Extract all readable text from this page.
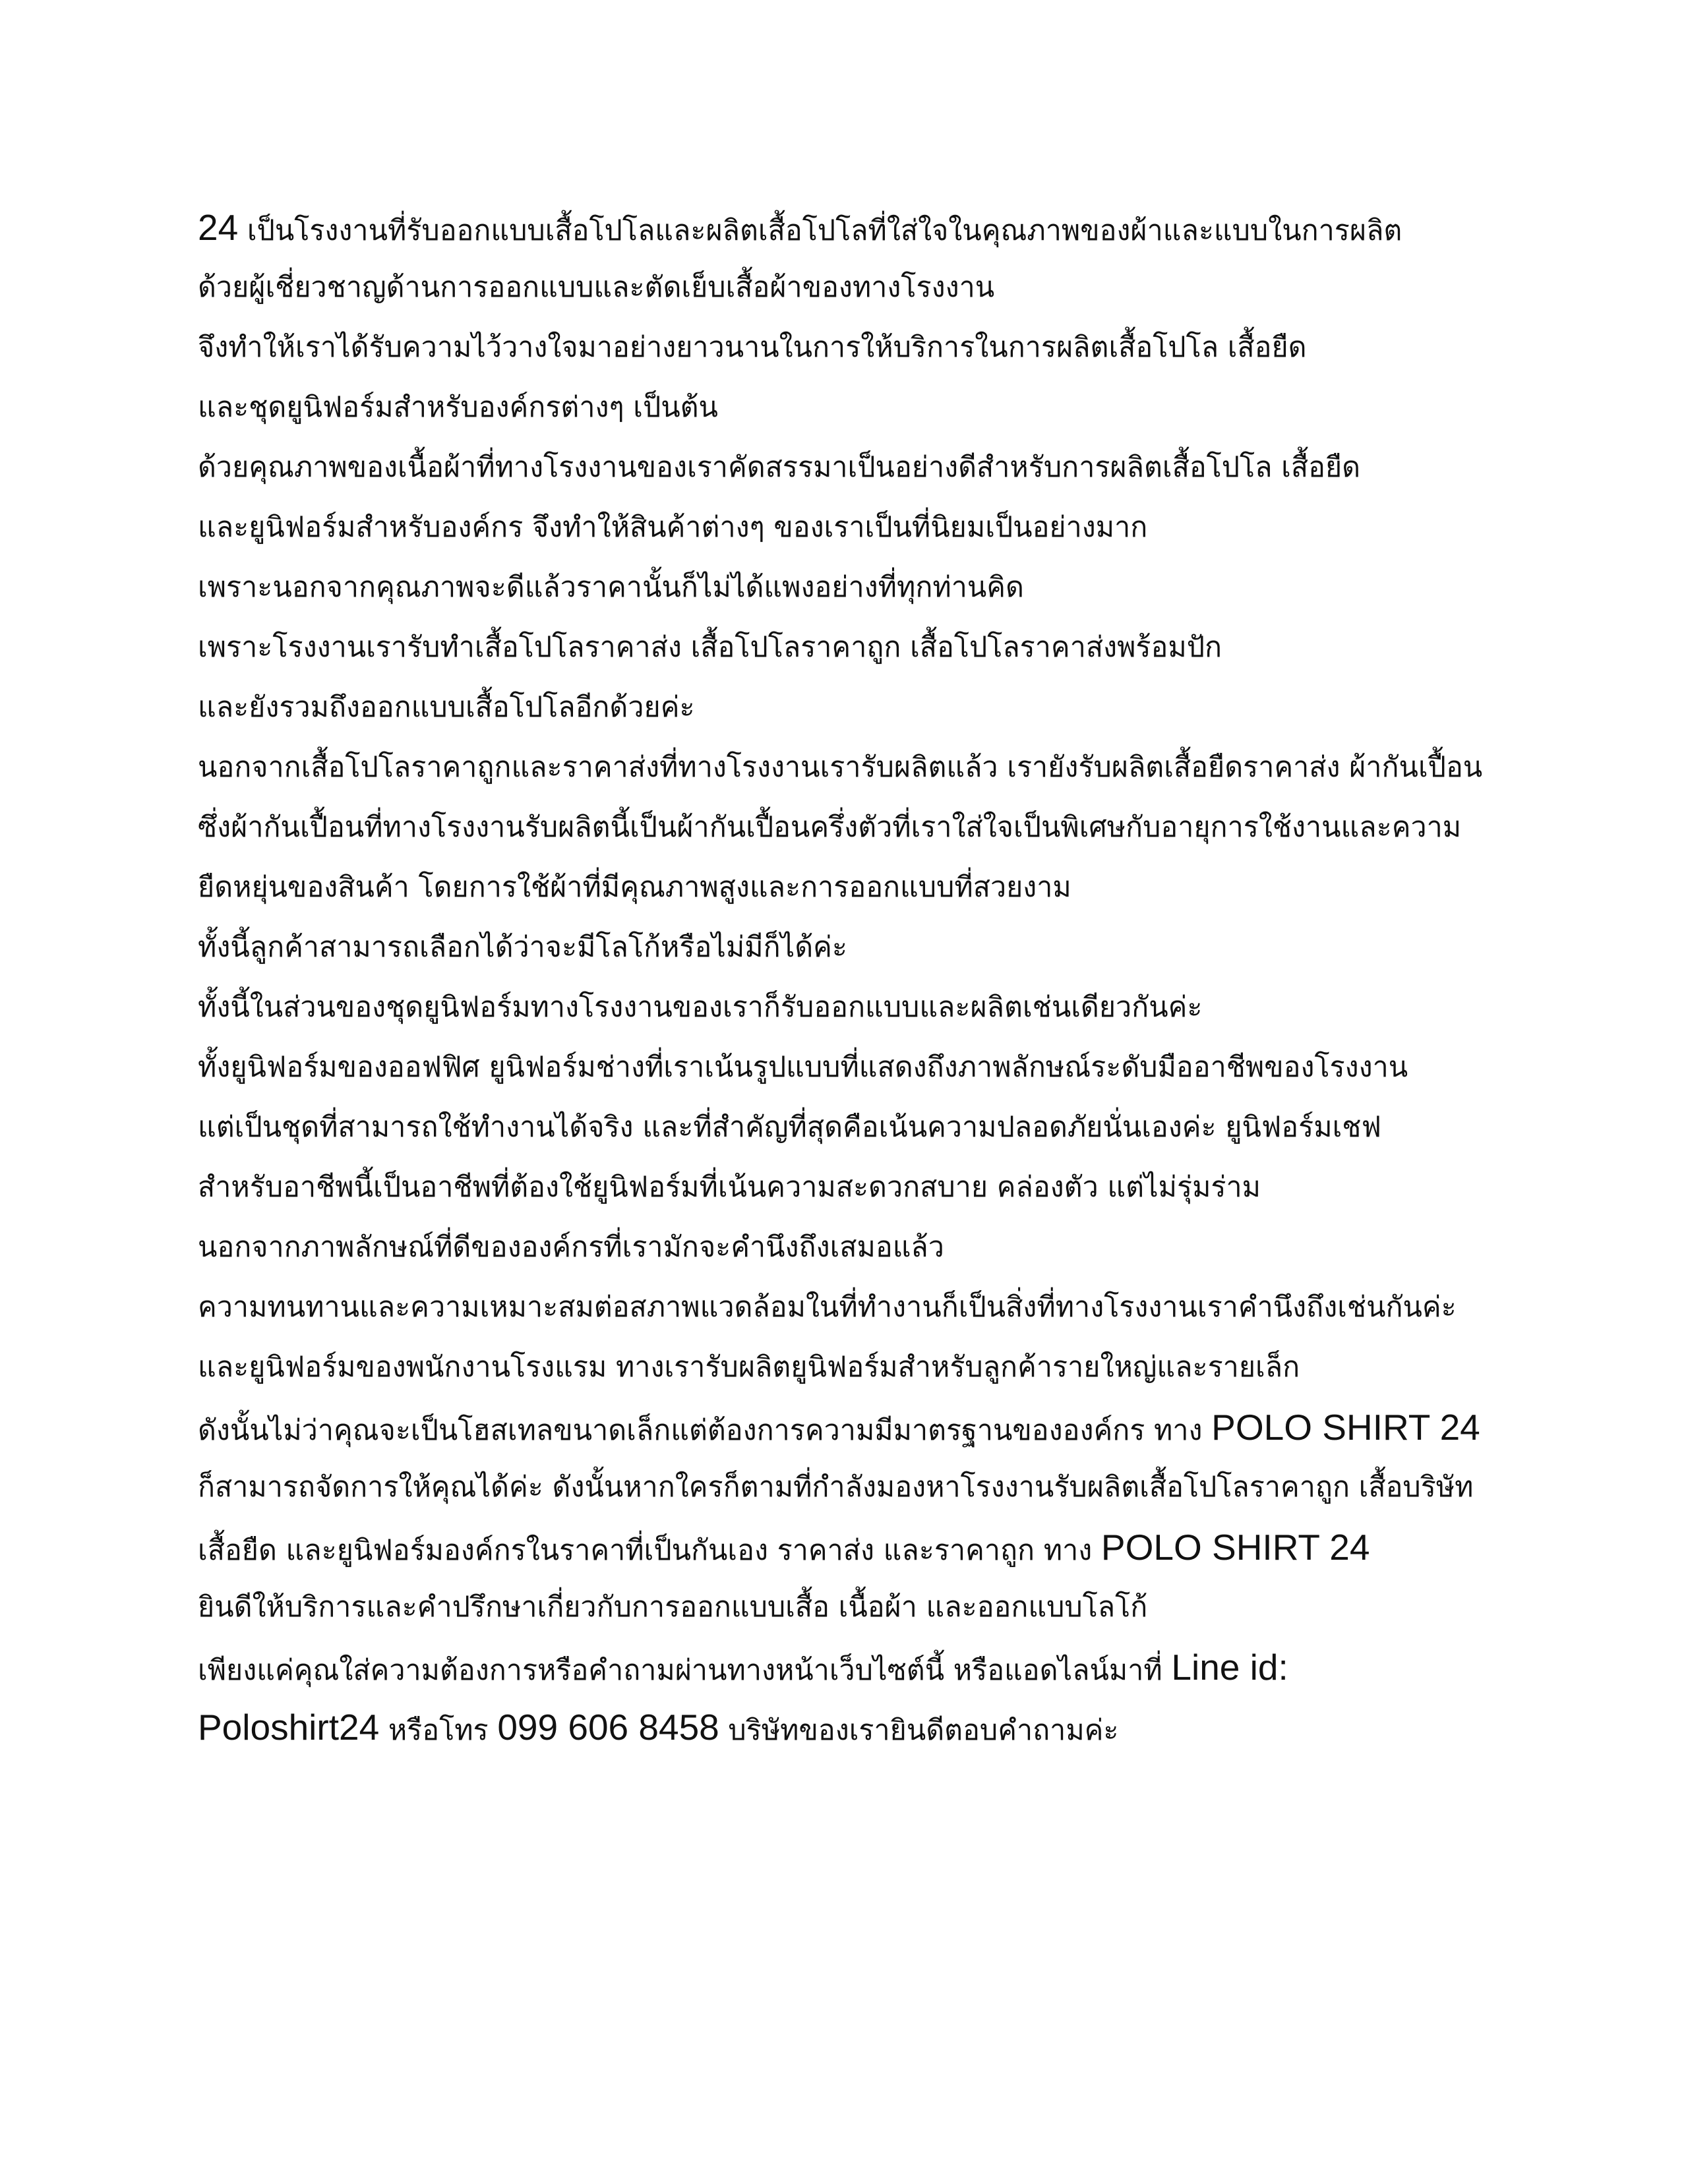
24 เป็นโรงงานที่รับออกแบบเสื้อโปโลและผลิตเสื้อโปโลที่ใส่ใจในคุณภาพของผ้าและแบบในการผลิต
ด้วยผู้เชี่ยวชาญด้านการออกแบบและตัดเย็บเสื้อผ้าของทางโรงงาน
จึงทำให้เราได้รับความไว้วางใจมาอย่างยาวนานในการให้บริการในการผลิตเสื้อโปโล เสื้อยืด
และชุดยูนิฟอร์มสำหรับองค์กรต่างๆ เป็นต้น
ด้วยคุณภาพของเนื้อผ้าที่ทางโรงงานของเราคัดสรรมาเป็นอย่างดีสำหรับการผลิตเสื้อโปโล เสื้อยืด
และยูนิฟอร์มสำหรับองค์กร จึงทำให้สินค้าต่างๆ ของเราเป็นที่นิยมเป็นอย่างมาก
เพราะนอกจากคุณภาพจะดีแล้วราคานั้นก็ไม่ได้แพงอย่างที่ทุกท่านคิด
เพราะโรงงานเรารับทำเสื้อโปโลราคาส่ง เสื้อโปโลราคาถูก เสื้อโปโลราคาส่งพร้อมปัก
และยังรวมถึงออกแบบเสื้อโปโลอีกด้วยค่ะ
นอกจากเสื้อโปโลราคาถูกและราคาส่งที่ทางโรงงานเรารับผลิตแล้ว เรายังรับผลิตเสื้อยืดราคาส่ง ผ้ากันเปื้อน
ซึ่งผ้ากันเปื้อนที่ทางโรงงานรับผลิตนี้เป็นผ้ากันเปื้อนครึ่งตัวที่เราใส่ใจเป็นพิเศษกับอายุการใช้งานและความ
ยืดหยุ่นของสินค้า โดยการใช้ผ้าที่มีคุณภาพสูงและการออกแบบที่สวยงาม
ทั้งนี้ลูกค้าสามารถเลือกได้ว่าจะมีโลโก้หรือไม่มีก็ได้ค่ะ
ทั้งนี้ในส่วนของชุดยูนิฟอร์มทางโรงงานของเราก็รับออกแบบและผลิตเช่นเดียวกันค่ะ
ทั้งยูนิฟอร์มของออฟฟิศ ยูนิฟอร์มช่างที่เราเน้นรูปแบบที่แสดงถึงภาพลักษณ์ระดับมืออาชีพของโรงงาน
แต่เป็นชุดที่สามารถใช้ทำงานได้จริง และที่สำคัญที่สุดคือเน้นความปลอดภัยนั่นเองค่ะ ยูนิฟอร์มเชฟ
สำหรับอาชีพนี้เป็นอาชีพที่ต้องใช้ยูนิฟอร์มที่เน้นความสะดวกสบาย คล่องตัว แต่ไม่รุ่มร่าม
นอกจากภาพลักษณ์ที่ดีขององค์กรที่เรามักจะคำนึงถึงเสมอแล้ว
ความทนทานและความเหมาะสมต่อสภาพแวดล้อมในที่ทำงานก็เป็นสิ่งที่ทางโรงงานเราคำนึงถึงเช่นกันค่ะ
และยูนิฟอร์มของพนักงานโรงแรม ทางเรารับผลิตยูนิฟอร์มสำหรับลูกค้ารายใหญ่และรายเล็ก
ดังนั้นไม่ว่าคุณจะเป็นโฮสเทลขนาดเล็กแต่ต้องการความมีมาตรฐานขององค์กร ทาง POLO SHIRT 24
ก็สามารถจัดการให้คุณได้ค่ะ ดังนั้นหากใครก็ตามที่กำลังมองหาโรงงานรับผลิตเสื้อโปโลราคาถูก เสื้อบริษัท
เสื้อยืด และยูนิฟอร์มองค์กรในราคาที่เป็นกันเอง ราคาส่ง และราคาถูก ทาง POLO SHIRT 24
ยินดีให้บริการและคำปรึกษาเกี่ยวกับการออกแบบเสื้อ เนื้อผ้า และออกแบบโลโก้
เพียงแค่คุณใส่ความต้องการหรือคำถามผ่านทางหน้าเว็บไซต์นี้ หรือแอดไลน์มาที่ Line id:
Poloshirt24 หรือโทร 099 606 8458 บริษัทของเรายินดีตอบคำถามค่ะ
